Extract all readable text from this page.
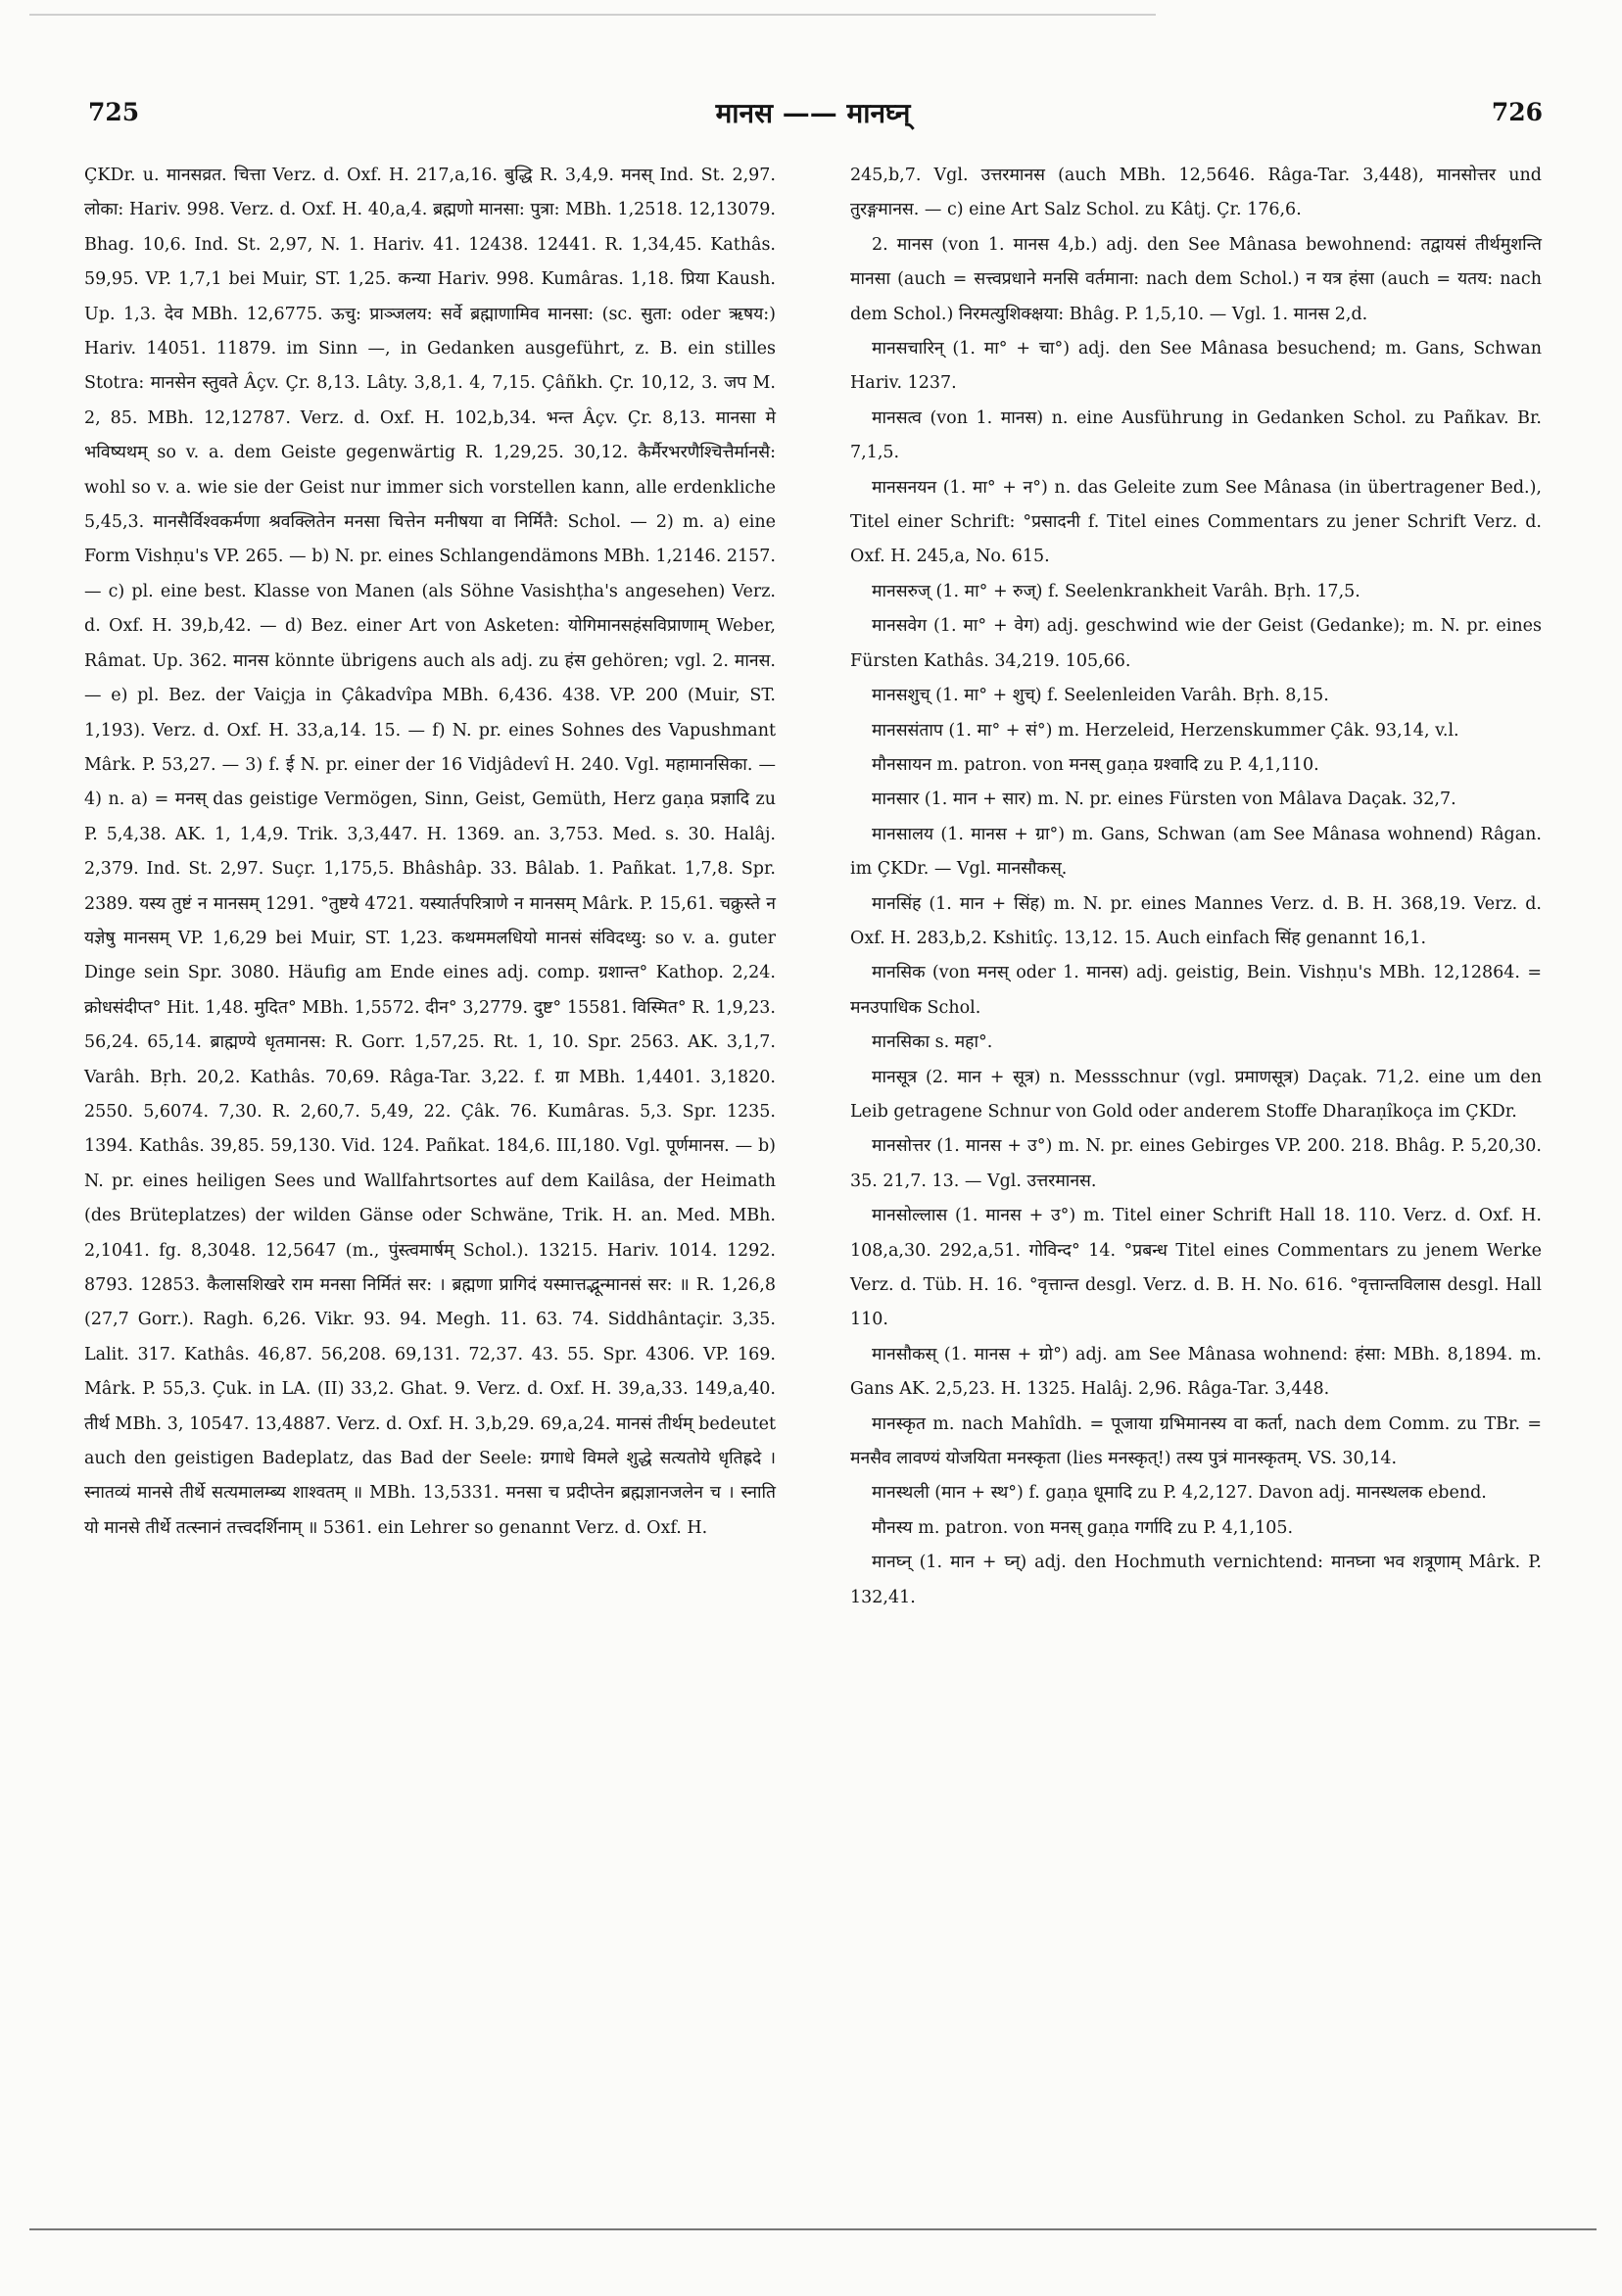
725	मानस —— मानघ्न्	726

ÇKDr. u. मानसव्रत. चित्ता Verz. d. Oxf. H. 217,a,16. बुद्धि R. 3,4,9. मनस् Ind. St. 2,97. लोका: Hariv. 998. Verz. d. Oxf. H. 40,a,4. ब्रह्मणो मानसा: पुत्रा: MBh. 1,2518. 12,13079. Bhag. 10,6. Ind. St. 2,97, N. 1. Hariv. 41. 12438. 12441. R. 1,34,45. Kathâs. 59,95. VP. 1,7,1 bei Muir, ST. 1,25. कन्या Hariv. 998. Kumâras. 1,18. प्रिया Kaush. Up. 1,3. देव MBh. 12,6775. ऊचु: प्राञ्जलय: सर्वे ब्रह्माणामिव मानसा: (sc. सुता: oder ऋषय:) Hariv. 14051. 11879. im Sinn —, in Gedanken ausgeführt, z. B. ein stilles Stotra: मानसेन स्तुवते Âçv. Çr. 8,13. Lâty. 3,8,1. 4, 7,15. Çâñkh. Çr. 10,12, 3. जप M. 2, 85. MBh. 12,12787. Verz. d. Oxf. H. 102,b,34. भन्त Âçv. Çr. 8,13. मानसा मे भविष्यथम् so v. a. dem Geiste gegenwärtig R. 1,29,25. 30,12. कैर्मैरभरणैश्चित्तैर्मानसै: wohl so v. a. wie sie der Geist nur immer sich vorstellen kann, alle erdenkliche 5,45,3. मानसैर्विश्वकर्मणा श्रवक्लितेन मनसा चित्तेन मनीषया वा निर्मितै: Schol. — 2) m. a) eine Form Vishṇu's VP. 265. — b) N. pr. eines Schlangendämons MBh. 1,2146. 2157. — c) pl. eine best. Klasse von Manen (als Söhne Vasishṭha's angesehen) Verz. d. Oxf. H. 39,b,42. — d) Bez. einer Art von Asketen: योगिमानसहंसविप्राणाम् Weber, Râmat. Up. 362. मानस könnte übrigens auch als adj. zu हंस gehören; vgl. 2. मानस. — e) pl. Bez. der Vaiçja in Çâkadvîpa MBh. 6,436. 438. VP. 200 (Muir, ST. 1,193). Verz. d. Oxf. H. 33,a,14. 15. — f) N. pr. eines Sohnes des Vapushmant Mârk. P. 53,27. — 3) f. ई N. pr. einer der 16 Vidjâdevî H. 240. Vgl. महामानसिका. — 4) n. a) = मनस् das geistige Vermögen, Sinn, Geist, Gemüth, Herz gaṇa प्रज्ञादि zu P. 5,4,38. AK. 1, 1,4,9. Trik. 3,3,447. H. 1369. an. 3,753. Med. s. 30. Halâj. 2,379. Ind. St. 2,97. Suçr. 1,175,5. Bhâshâp. 33. Bâlab. 1. Pañkat. 1,7,8. Spr. 2389. यस्य तुष्टं न मानसम् 1291. °तुष्टये 4721. यस्यार्तपरित्राणे न मानसम् Mârk. P. 15,61. चक्रुस्ते न यज्ञेषु मानसम् VP. 1,6,29 bei Muir, ST. 1,23. कथममलधियो मानसं संविदध्यु: so v. a. guter Dinge sein Spr. 3080. Häufig am Ende eines adj. comp. ग्रशान्त° Kathop. 2,24. क्रोधसंदीप्त° Hit. 1,48. मुदित° MBh. 1,5572. दीन° 3,2779. दुष्ट° 15581. विस्मित° R. 1,9,23. 56,24. 65,14. ब्राह्मण्ये धृतमानस: R. Gorr. 1,57,25. Rt. 1, 10. Spr. 2563. AK. 3,1,7. Varâh. Bṛh. 20,2. Kathâs. 70,69. Râga-Tar. 3,22. f. ग्रा MBh. 1,4401. 3,1820. 2550. 5,6074. 7,30. R. 2,60,7. 5,49, 22. Çâk. 76. Kumâras. 5,3. Spr. 1235. 1394. Kathâs. 39,85. 59,130. Vid. 124. Pañkat. 184,6. III,180. Vgl. पूर्णमानस. — b) N. pr. eines heiligen Sees und Wallfahrtsortes auf dem Kailâsa, der Heimath (des Brüteplatzes) der wilden Gänse oder Schwäne, Trik. H. an. Med. MBh. 2,1041. fg. 8,3048. 12,5647 (m., पुंस्त्वमार्षम् Schol.). 13215. Hariv. 1014. 1292. 8793. 12853. कैलासशिखरे राम मनसा निर्मितं सर: । ब्रह्मणा प्रागिदं यस्मात्तद्भून्मानसं सर: ॥ R. 1,26,8 (27,7 Gorr.). Ragh. 6,26. Vikr. 93. 94. Megh. 11. 63. 74. Siddhântaçir. 3,35. Lalit. 317. Kathâs. 46,87. 56,208. 69,131. 72,37. 43. 55. Spr. 4306. VP. 169. Mârk. P. 55,3. Çuk. in LA. (II) 33,2. Ghat. 9. Verz. d. Oxf. H. 39,a,33. 149,a,40. तीर्थ MBh. 3, 10547. 13,4887. Verz. d. Oxf. H. 3,b,29. 69,a,24. मानसं तीर्थम् bedeutet auch den geistigen Badeplatz, das Bad der Seele: ग्रगाधे विमले शुद्धे सत्यतोये धृतिह्रदे । स्नातव्यं मानसे तीर्थे सत्यमालम्ब्य शाश्वतम् ॥ MBh. 13,5331. मनसा च प्रदीप्तेन ब्रह्मज्ञानजलेन च । स्नाति यो मानसे तीर्थे तत्स्नानं तत्त्वदर्शिनाम् ॥ 5361. ein Lehrer so genannt Verz. d. Oxf. H.

245,b,7. Vgl. उत्तरमानस (auch MBh. 12,5646. Râga-Tar. 3,448), मानसोत्तर und तुरङ्गमानस. — c) eine Art Salz Schol. zu Kâtj. Çr. 176,6.

2. मानस (von 1. मानस 4,b.) adj. den See Mânasa bewohnend: तद्वायसं तीर्थमुशन्ति मानसा (auch = सत्त्वप्रधाने मनसि वर्तमाना: nach dem Schol.) न यत्र हंसा (auch = यतय: nach dem Schol.) निरमत्युशिक्क्षया: Bhâg. P. 1,5,10. — Vgl. 1. मानस 2,d.

मानसचारिन् (1. मा° + चा°) adj. den See Mânasa besuchend; m. Gans, Schwan Hariv. 1237.

मानसत्व (von 1. मानस) n. eine Ausführung in Gedanken Schol. zu Pañkav. Br. 7,1,5.

मानसनयन (1. मा° + न°) n. das Geleite zum See Mânasa (in übertragener Bed.), Titel einer Schrift: °प्रसादनी f. Titel eines Commentars zu jener Schrift Verz. d. Oxf. H. 245,a, No. 615.

मानसरुज् (1. मा° + रुज्) f. Seelenkrankheit Varâh. Bṛh. 17,5.

मानसवेग (1. मा° + वेग) adj. geschwind wie der Geist (Gedanke); m. N. pr. eines Fürsten Kathâs. 34,219. 105,66.

मानसशुच् (1. मा° + शुच्) f. Seelenleiden Varâh. Bṛh. 8,15.

मानससंताप (1. मा° + सं°) m. Herzeleid, Herzenskummer Çâk. 93,14, v.l.

मौनसायन m. patron. von मनस् gaṇa ग्रश्वादि zu P. 4,1,110.

मानसार (1. मान + सार) m. N. pr. eines Fürsten von Mâlava Daçak. 32,7.

मानसालय (1. मानस + ग्रा°) m. Gans, Schwan (am See Mânasa wohnend) Râgan. im ÇKDr. — Vgl. मानसौकस्.

मानसिंह (1. मान + सिंह) m. N. pr. eines Mannes Verz. d. B. H. 368,19. Verz. d. Oxf. H. 283,b,2. Kshitîç. 13,12. 15. Auch einfach सिंह genannt 16,1.

मानसिक (von मनस् oder 1. मानस) adj. geistig, Bein. Vishṇu's MBh. 12,12864. = मनउपाधिक Schol.

मानसिका s. महा°.

मानसूत्र (2. मान + सूत्र) n. Messschnur (vgl. प्रमाणसूत्र) Daçak. 71,2. eine um den Leib getragene Schnur von Gold oder anderem Stoffe Dharaṇîkoça im ÇKDr.

मानसोत्तर (1. मानस + उ°) m. N. pr. eines Gebirges VP. 200. 218. Bhâg. P. 5,20,30. 35. 21,7. 13. — Vgl. उत्तरमानस.

मानसोल्लास (1. मानस + उ°) m. Titel einer Schrift Hall 18. 110. Verz. d. Oxf. H. 108,a,30. 292,a,51. गोविन्द° 14. °प्रबन्ध Titel eines Commentars zu jenem Werke Verz. d. Tüb. H. 16. °वृत्तान्त desgl. Verz. d. B. H. No. 616. °वृत्तान्तविलास desgl. Hall 110.

मानसौकस् (1. मानस + ग्रो°) adj. am See Mânasa wohnend: हंसा: MBh. 8,1894. m. Gans AK. 2,5,23. H. 1325. Halâj. 2,96. Râga-Tar. 3,448.

मानस्कृत m. nach Mahîdh. = पूजाया ग्रभिमानस्य वा कर्ता, nach dem Comm. zu TBr. = मनसैव लावण्यं योजयिता मनस्कृता (lies मनस्कृत्!) तस्य पुत्रं मानस्कृतम्. VS. 30,14.

मानस्थली (मान + स्थ°) f. gaṇa धूमादि zu P. 4,2,127. Davon adj. मानस्थलक ebend.

मौनस्य m. patron. von मनस् gaṇa गर्गादि zu P. 4,1,105.

मानघ्न् (1. मान + घ्न्) adj. den Hochmuth vernichtend: मानघ्ना भव शत्रूणाम् Mârk. P. 132,41.
